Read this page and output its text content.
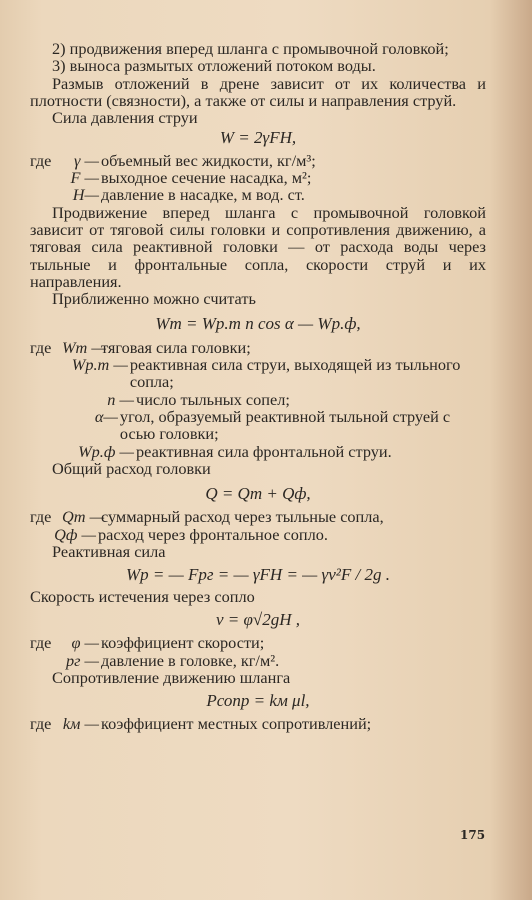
2) продвижения вперед шланга с промывочной головкой;

3) выноса размытых отложений потоком воды.

Размыв отложений в дрене зависит от их количества и плотности (связности), а также от силы и направления струй.

Сила давления струи

W = 2γFH,
где	γ — объемный вес жидкости, кг/м³;
F — выходное сечение насадка, м²;
H— давление в насадке, м вод. ст.

Продвижение вперед шланга с промывочной головкой зависит от тяговой силы головки и сопротивления движению, а тяговая сила реактивной головки — от расхода воды через тыльные и фронтальные сопла, скорости струй и их направления.

Приближенно можно считать

Wт = Wр.т n cos α — Wр.ф,
где Wт —
тяговая сила головки;
Wр.т — реактивная сила струи, выходящей из тыльного сопла;
n — число тыльных сопел;
α— угол, образуемый реактивной тыльной струей с осью головки;
Wр.ф — реактивная сила фронтальной струи.

Общий расход головки

Q = Qт + Qф,
где Qт —
суммарный расход через тыльные сопла,
Qф — расход через фронтальное сопло.

Реактивная сила

Wр = — Fpг = — γFH = — γv²F / 2g .

Скорость истечения через сопло

v = φ√2gH ,
где	φ — коэффициент скорости;
pг — давление в головке, кг/м².

Сопротивление движению шланга

Pсопр = kм μl,
где kм — коэффициент местных сопротивлений;
175
